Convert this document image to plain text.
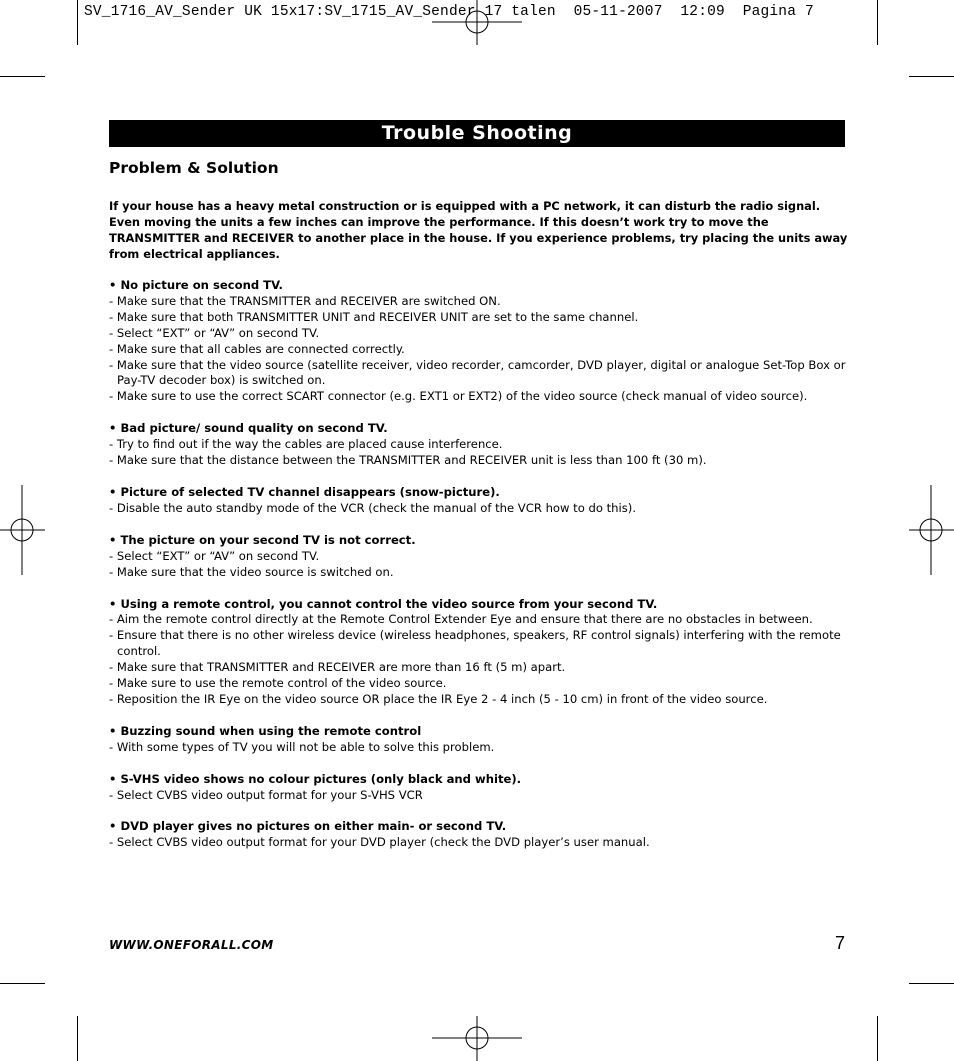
SV_1716_AV_Sender UK 15x17:SV_1715_AV_Sender 17 talen  05-11-2007  12:09  Pagina 7
Trouble Shooting
Problem & Solution
If your house has a heavy metal construction or is equipped with a PC network, it can disturb the radio signal. Even moving the units a few inches can improve the performance. If this doesn’t work try to move the TRANSMITTER and RECEIVER to another place in the house. If you experience problems, try placing the units away from electrical appliances.
• No picture on second TV.
- Make sure that the TRANSMITTER and RECEIVER are switched ON.
- Make sure that both TRANSMITTER UNIT and RECEIVER UNIT are set to the same channel.
- Select “EXT” or “AV” on second TV.
- Make sure that all cables are connected correctly.
- Make sure that the video source (satellite receiver, video recorder, camcorder, DVD player, digital or analogue Set-Top Box or Pay-TV decoder box) is switched on.
- Make sure to use the correct SCART connector (e.g. EXT1 or EXT2) of the video source (check manual of video source).
• Bad picture/ sound quality on second TV.
- Try to find out if the way the cables are placed cause interference.
- Make sure that the distance between the TRANSMITTER and RECEIVER unit is less than 100 ft (30 m).
• Picture of selected TV channel disappears (snow-picture).
- Disable the auto standby mode of the VCR (check the manual of the VCR how to do this).
• The picture on your second TV is not correct.
- Select “EXT” or “AV” on second TV.
- Make sure that the video source is switched on.
• Using a remote control, you cannot control the video source from your second TV.
- Aim the remote control directly at the Remote Control Extender Eye and ensure that there are no obstacles in between.
- Ensure that there is no other wireless device (wireless headphones, speakers, RF control signals) interfering with the remote control.
- Make sure that TRANSMITTER and RECEIVER are more than 16 ft (5 m) apart.
- Make sure to use the remote control of the video source.
- Reposition the IR Eye on the video source OR place the IR Eye 2 - 4 inch (5 - 10 cm) in front of the video source.
• Buzzing sound when using the remote control
- With some types of TV you will not be able to solve this problem.
• S-VHS video shows no colour pictures (only black and white).
- Select CVBS video output format for your S-VHS VCR
• DVD player gives no pictures on either main- or second TV.
- Select CVBS video output format for your DVD player (check the DVD player’s user manual.
WWW.ONEFORALL.COM	7
